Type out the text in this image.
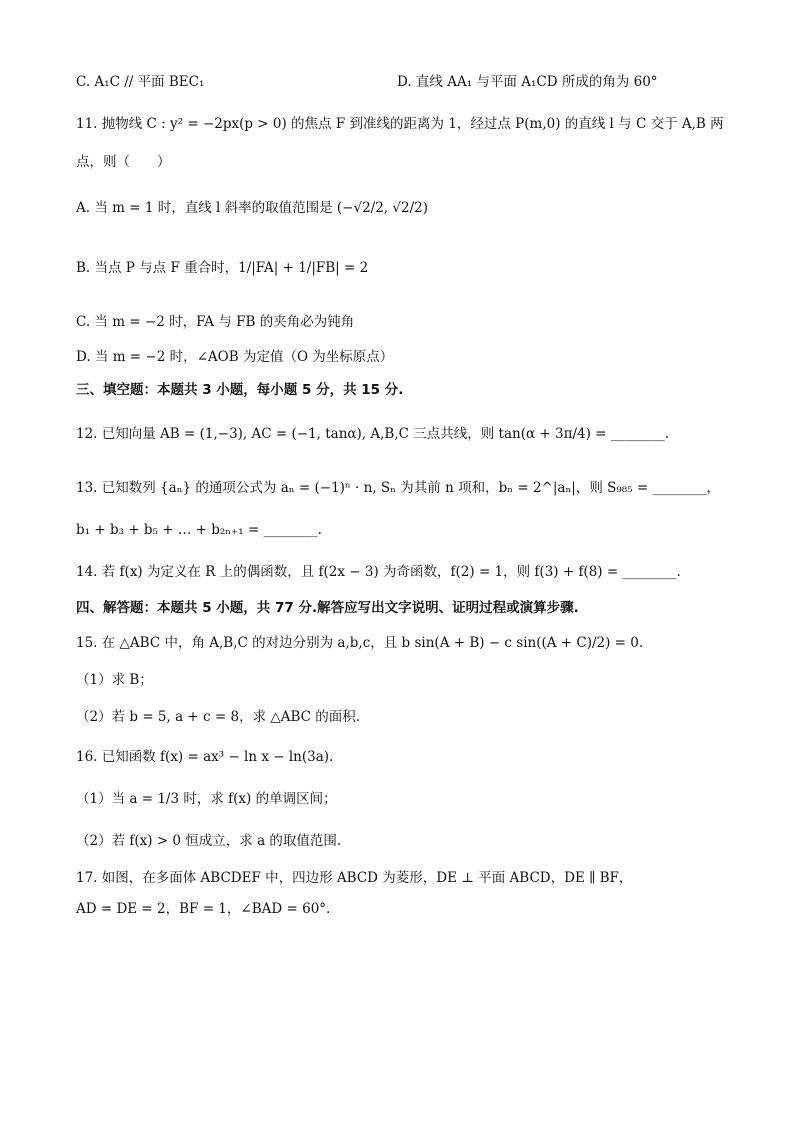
C. A₁C // 平面 BEC₁	D. 直线 AA₁ 与平面 A₁CD 所成的角为 60°
11. 抛物线 C : y² = −2px(p > 0) 的焦点 F 到准线的距离为 1，经过点 P(m,0) 的直线 l 与 C 交于 A,B 两
点，则（　　）
A. 当 m = 1 时，直线 l 斜率的取值范围是 (−√2/2, √2/2)
B. 当点 P 与点 F 重合时，1/|FA| + 1/|FB| = 2
C. 当 m = −2 时，FA 与 FB 的夹角必为钝角
D. 当 m = −2 时，∠AOB 为定值（O 为坐标原点）
三、填空题：本题共 3 小题，每小题 5 分，共 15 分.
12. 已知向量 AB = (1,−3), AC = (−1, tanα), A,B,C 三点共线，则 tan(α + 3π/4) = ________.
13. 已知数列 {aₙ} 的通项公式为 aₙ = (−1)ⁿ · n, Sₙ 为其前 n 项和，bₙ = 2^|aₙ|，则 S₉₈₅ = ________，
b₁ + b₃ + b₅ + … + b₂ₙ₊₁ = ________.
14. 若 f(x) 为定义在 R 上的偶函数，且 f(2x − 3) 为奇函数，f(2) = 1，则 f(3) + f(8) = ________.
四、解答题：本题共 5 小题，共 77 分.解答应写出文字说明、证明过程或演算步骤.
15. 在 △ABC 中，角 A,B,C 的对边分别为 a,b,c，且 b sin(A + B) − c sin((A + C)/2) = 0.
（1）求 B；
（2）若 b = 5, a + c = 8，求 △ABC 的面积.
16. 已知函数 f(x) = ax³ − ln x − ln(3a).
（1）当 a = 1/3 时，求 f(x) 的单调区间；
（2）若 f(x) > 0 恒成立，求 a 的取值范围.
17. 如图，在多面体 ABCDEF 中，四边形 ABCD 为菱形，DE ⊥ 平面 ABCD，DE ∥ BF，
AD = DE = 2，BF = 1，∠BAD = 60°.
